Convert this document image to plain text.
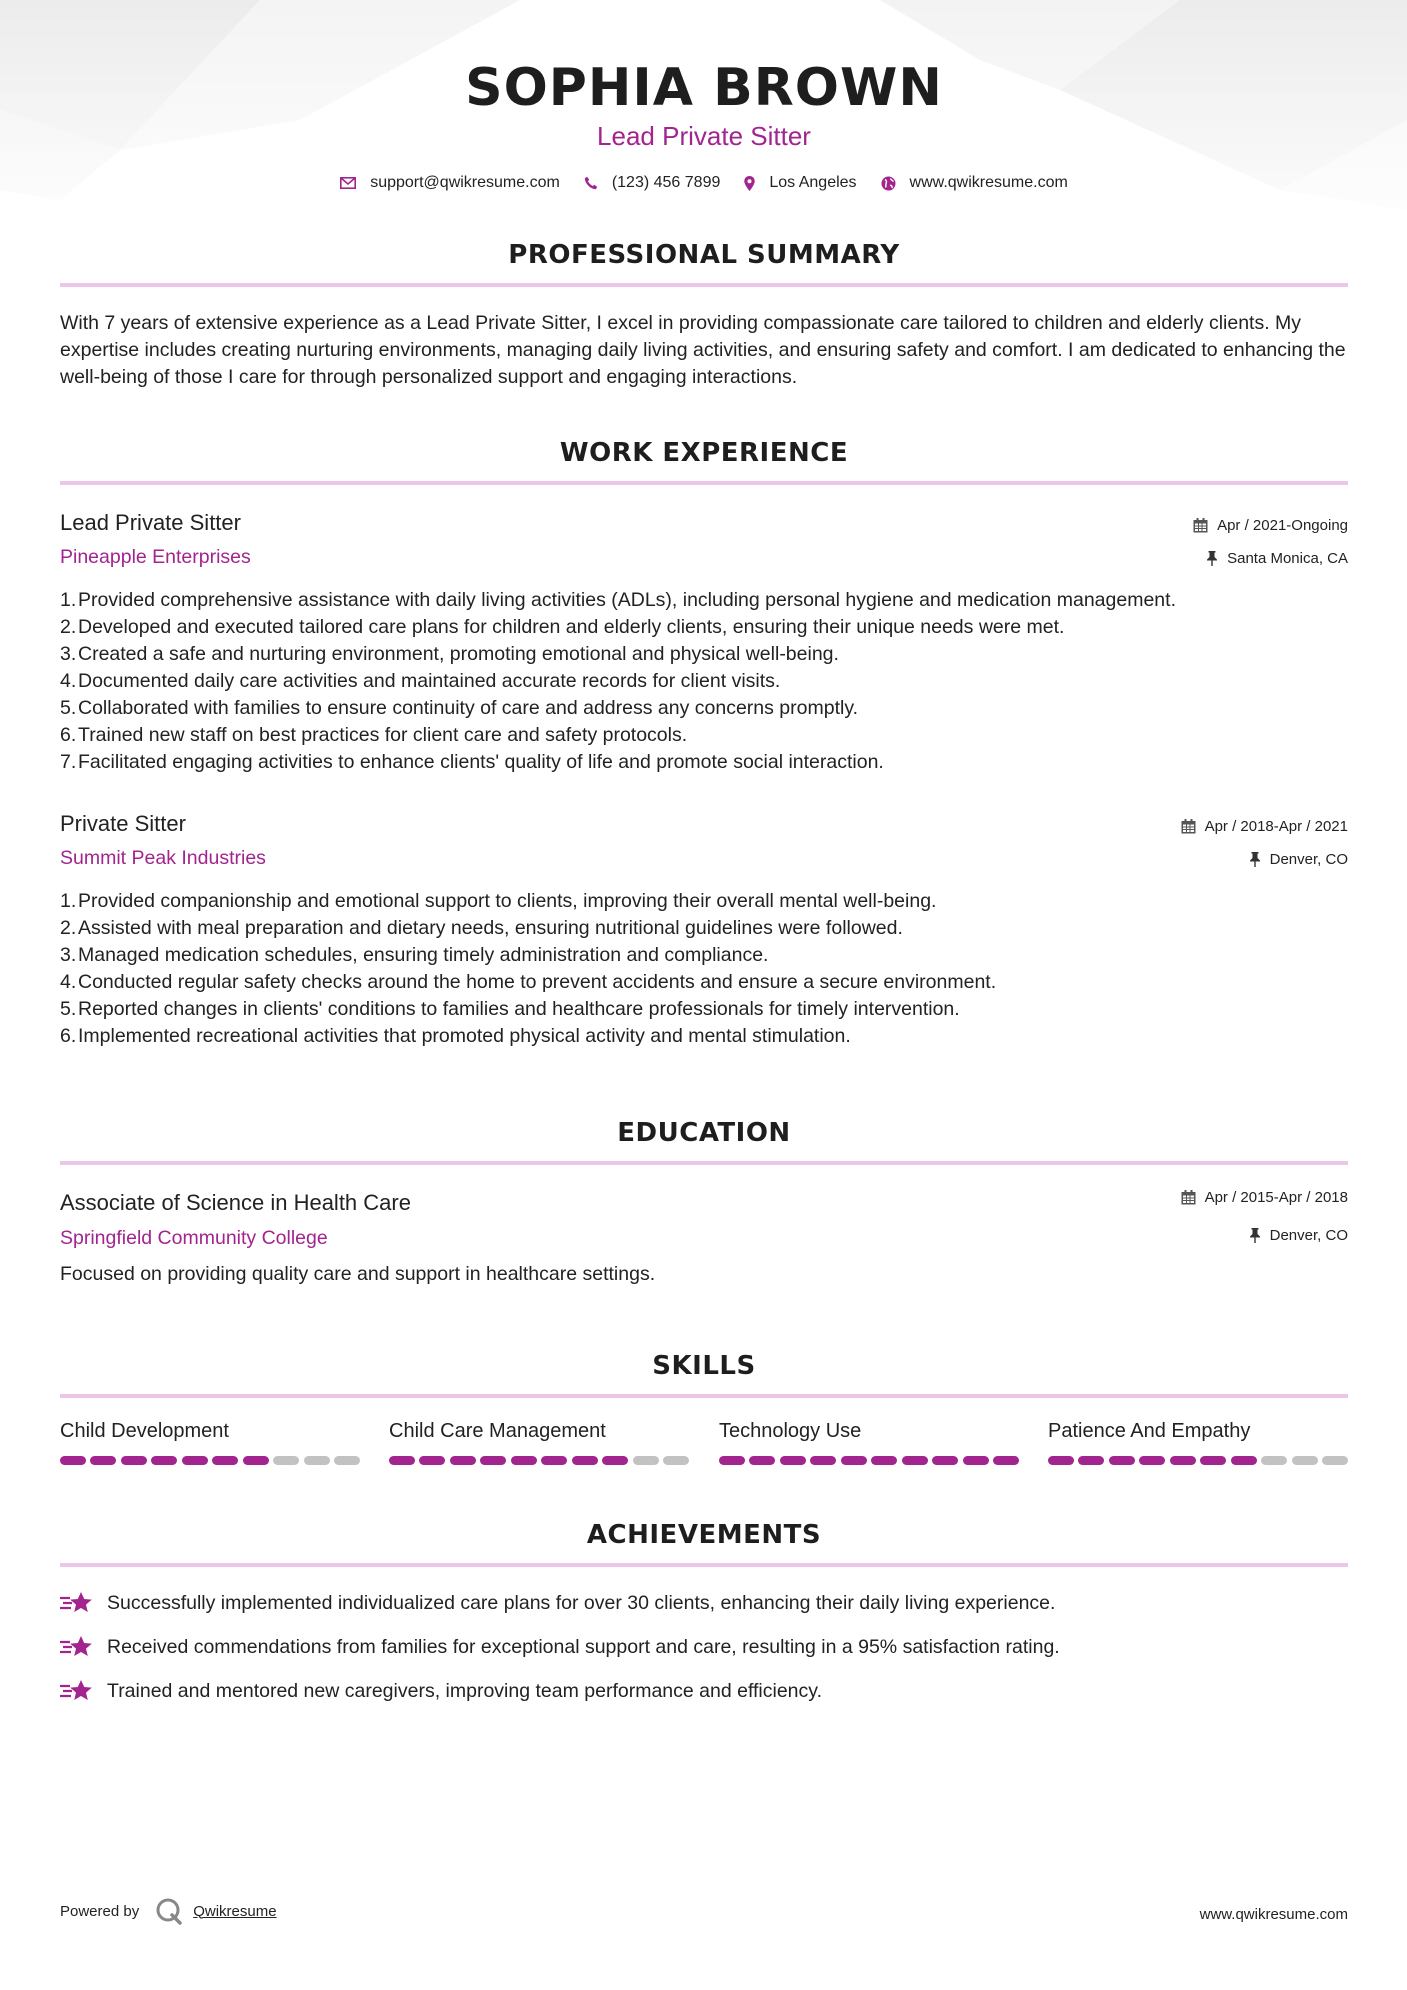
SOPHIA BROWN
Lead Private Sitter
support@qwikresume.com	(123) 456 7899	Los Angeles	www.qwikresume.com
PROFESSIONAL SUMMARY
With 7 years of extensive experience as a Lead Private Sitter, I excel in providing compassionate care tailored to children and elderly clients. My expertise includes creating nurturing environments, managing daily living activities, and ensuring safety and comfort. I am dedicated to enhancing the well-being of those I care for through personalized support and engaging interactions.
WORK EXPERIENCE
Lead Private Sitter
Pineapple Enterprises
Apr / 2021-Ongoing
Santa Monica, CA
1. Provided comprehensive assistance with daily living activities (ADLs), including personal hygiene and medication management.
2. Developed and executed tailored care plans for children and elderly clients, ensuring their unique needs were met.
3. Created a safe and nurturing environment, promoting emotional and physical well-being.
4. Documented daily care activities and maintained accurate records for client visits.
5. Collaborated with families to ensure continuity of care and address any concerns promptly.
6. Trained new staff on best practices for client care and safety protocols.
7. Facilitated engaging activities to enhance clients' quality of life and promote social interaction.
Private Sitter
Summit Peak Industries
Apr / 2018-Apr / 2021
Denver, CO
1. Provided companionship and emotional support to clients, improving their overall mental well-being.
2. Assisted with meal preparation and dietary needs, ensuring nutritional guidelines were followed.
3. Managed medication schedules, ensuring timely administration and compliance.
4. Conducted regular safety checks around the home to prevent accidents and ensure a secure environment.
5. Reported changes in clients' conditions to families and healthcare professionals for timely intervention.
6. Implemented recreational activities that promoted physical activity and mental stimulation.
EDUCATION
Associate of Science in Health Care
Springfield Community College
Apr / 2015-Apr / 2018
Denver, CO
Focused on providing quality care and support in healthcare settings.
SKILLS
Child Development	Child Care Management	Technology Use	Patience And Empathy
ACHIEVEMENTS
Successfully implemented individualized care plans for over 30 clients, enhancing their daily living experience.
Received commendations from families for exceptional support and care, resulting in a 95% satisfaction rating.
Trained and mentored new caregivers, improving team performance and efficiency.
Powered by	Qwikresume	www.qwikresume.com
